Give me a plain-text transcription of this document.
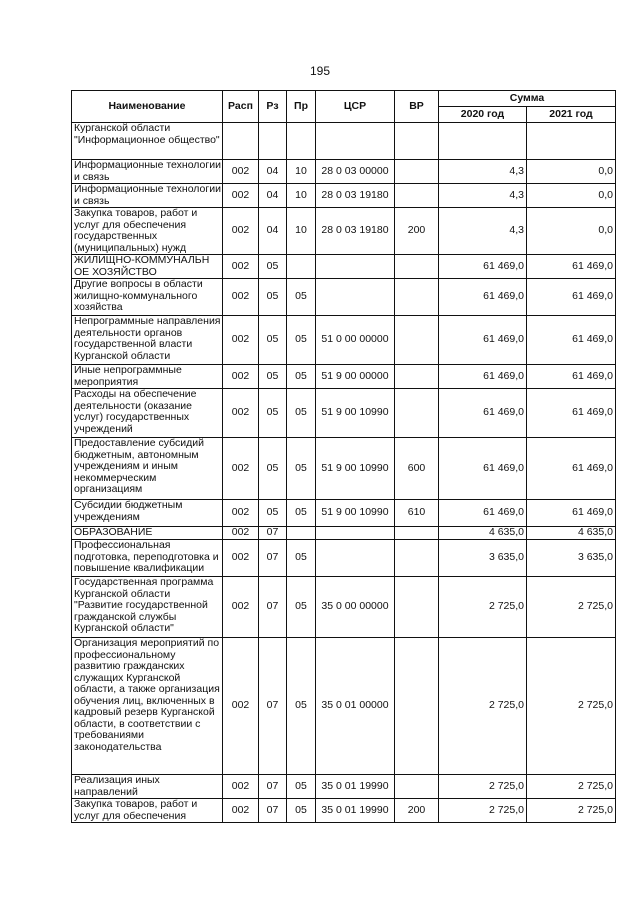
195
Наименование	Расп	Рз	Пр	ЦСР	ВР	Сумма	
						2020 год	2021 год
Курганской области "Информационное общество"							
Информационные технологии и связь	002	04	10	28 0 03 00000		4,3	0,0
Информационные технологии и связь	002	04	10	28 0 03 19180		4,3	0,0
Закупка товаров, работ и услуг для обеспечения государственных (муниципальных) нужд	002	04	10	28 0 03 19180	200	4,3	0,0
ЖИЛИЩНО-КОММУНАЛЬН ОЕ ХОЗЯЙСТВО	002	05				61 469,0	61 469,0
Другие вопросы в области жилищно-коммунального хозяйства	002	05	05			61 469,0	61 469,0
Непрограммные направления деятельности органов государственной власти Курганской области	002	05	05	51 0 00 00000		61 469,0	61 469,0
Иные непрограммные мероприятия	002	05	05	51 9 00 00000		61 469,0	61 469,0
Расходы на обеспечение деятельности (оказание услуг) государственных учреждений	002	05	05	51 9 00 10990		61 469,0	61 469,0
Предоставление субсидий бюджетным, автономным учреждениям и иным некоммерческим организациям	002	05	05	51 9 00 10990	600	61 469,0	61 469,0
Субсидии бюджетным учреждениям	002	05	05	51 9 00 10990	610	61 469,0	61 469,0
ОБРАЗОВАНИЕ	002	07				4 635,0	4 635,0
Профессиональная подготовка, переподготовка и повышение квалификации	002	07	05			3 635,0	3 635,0
Государственная программа Курганской области "Развитие государственной гражданской службы Курганской области"	002	07	05	35 0 00 00000		2 725,0	2 725,0
Организация мероприятий по профессиональному развитию гражданских служащих Курганской области, а также организация обучения лиц, включенных в кадровый резерв Курганской области, в соответствии с требованиями законодательства	002	07	05	35 0 01 00000		2 725,0	2 725,0
Реализация иных направлений	002	07	05	35 0 01 19990		2 725,0	2 725,0
Закупка товаров, работ и услуг для обеспечения	002	07	05	35 0 01 19990	200	2 725,0	2 725,0
